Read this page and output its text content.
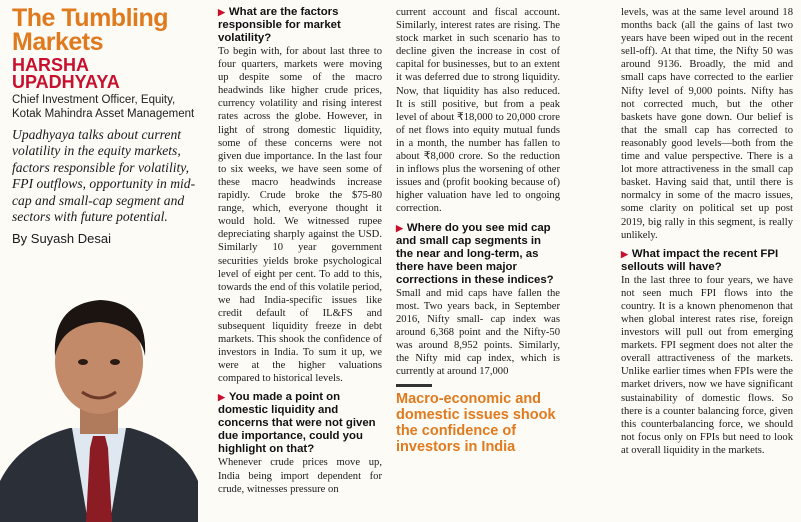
The Tumbling
Markets
HARSHA
UPADHYAYA
Chief Investment Officer, Equity,
Kotak Mahindra Asset Management
Upadhyaya talks about current volatility in the equity markets, factors responsible for volatility, FPI outflows, opportunity in mid-cap and small-cap segment and sectors with future potential.
By Suyash Desai
▶ What are the factors responsible for market volatility?
To begin with, for about last three to four quarters, markets were moving up despite some of the macro headwinds like higher crude prices, currency volatility and rising interest rates across the globe. However, in light of strong domestic liquidity, some of these concerns were not given due importance. In the last four to six weeks, we have seen some of these macro headwinds increase rapidly. Crude broke the $75-80 range, which, everyone thought it would hold. We witnessed rupee depreciating sharply against the USD. Similarly 10 year government securities yields broke psychological level of eight per cent. To add to this, towards the end of this volatile period, we had India-specific issues like credit default of IL&FS and subsequent liquidity freeze in debt markets. This shook the confidence of investors in India. To sum it up, we were at the higher valuations compared to historical levels.
▶ You made a point on domestic liquidity and concerns that were not given due importance, could you highlight on that?
Whenever crude prices move up, India being import dependent for crude, witnesses pressure on
current account and fiscal account. Similarly, interest rates are rising. The stock market in such scenario has to decline given the increase in cost of capital for businesses, but to an extent it was deferred due to strong liquidity. Now, that liquidity has also reduced. It is still positive, but from a peak level of about ₹18,000 to 20,000 crore of net flows into equity mutual funds in a month, the number has fallen to about ₹8,000 crore. So the reduction in inflows plus the worsening of other issues and (profit booking because of) higher valuation have led to ongoing correction.
▶ Where do you see mid cap and small cap segments in the near and long-term, as there have been major corrections in these indices?
Small and mid caps have fallen the most. Two years back, in September 2016, Nifty small- cap index was around 6,368 point and the Nifty-50 was around 8,952 points. Similarly, the Nifty mid cap index, which is currently at around 17,000
Macro-economic and domestic issues shook the confidence of investors in India
levels, was at the same level around 18 months back (all the gains of last two years have been wiped out in the recent sell-off). At that time, the Nifty 50 was around 9136. Broadly, the mid and small caps have corrected to the earlier Nifty level of 9,000 points. Nifty has not corrected much, but the other baskets have gone down. Our belief is that the small cap has corrected to reasonably good levels—both from the time and value perspective. There is a lot more attractiveness in the small cap basket. Having said that, until there is normalcy in some of the macro issues, some clarity on political set up post 2019, big rally in this segment, is really unlikely.
▶ What impact the recent FPI sellouts will have?
In the last three to four years, we have not seen much FPI flows into the country. It is a known phenomenon that when global interest rates rise, foreign investors will pull out from emerging markets. FPI segment does not alter the overall attractiveness of the markets. Unlike earlier times when FPIs were the market drivers, now we have significant sustainability of domestic flows. So there is a counter balancing force, given this counterbalancing force, we should not focus only on FPIs but need to look at overall liquidity in the markets.
